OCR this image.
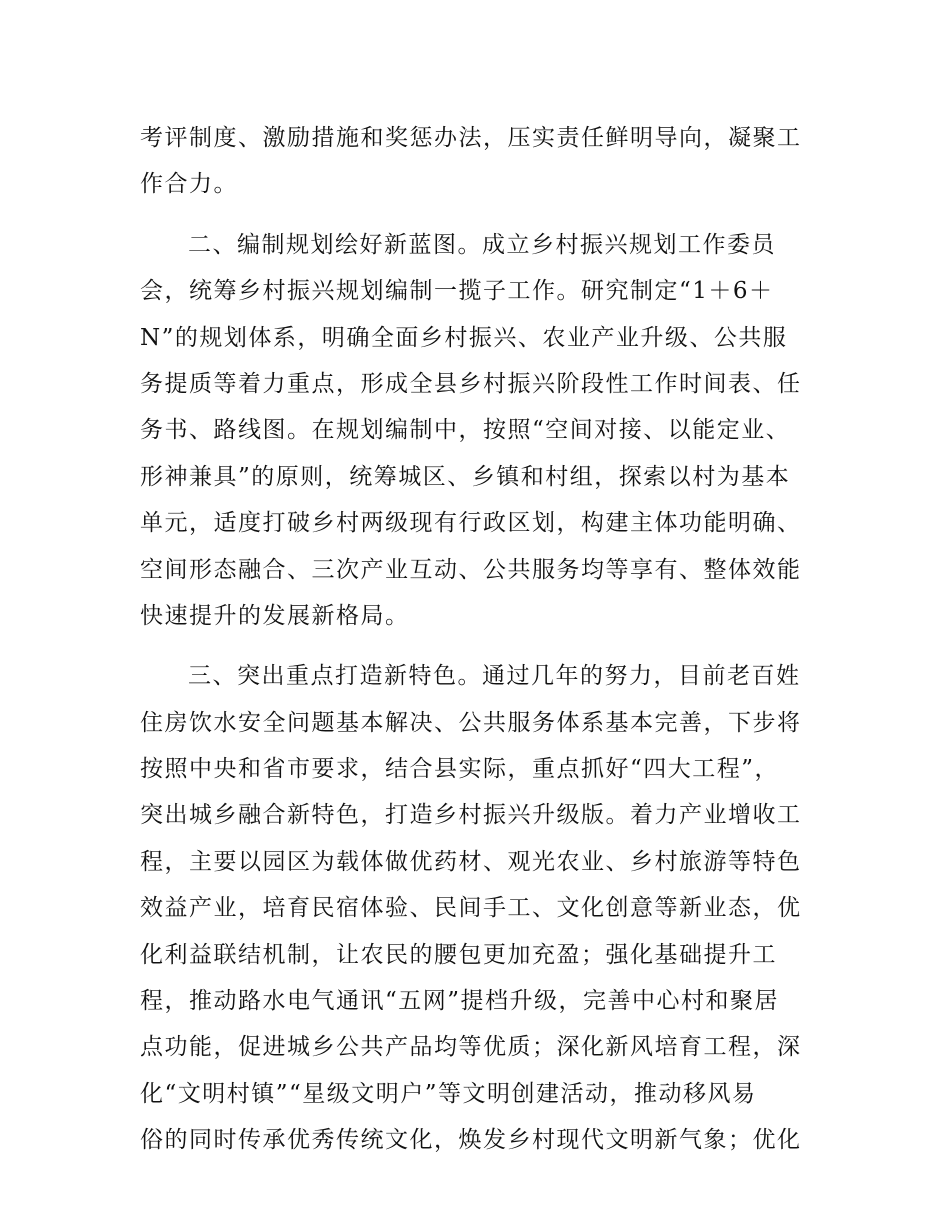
考评制度、激励措施和奖惩办法，压实责任鲜明导向，凝聚工
作合力。
二、编制规划绘好新蓝图。成立乡村振兴规划工作委员
会，统筹乡村振兴规划编制一揽子工作。研究制定“1＋6＋
N”的规划体系，明确全面乡村振兴、农业产业升级、公共服
务提质等着力重点，形成全县乡村振兴阶段性工作时间表、任
务书、路线图。在规划编制中，按照“空间对接、以能定业、
形神兼具”的原则，统筹城区、乡镇和村组，探索以村为基本
单元，适度打破乡村两级现有行政区划，构建主体功能明确、
空间形态融合、三次产业互动、公共服务均等享有、整体效能
快速提升的发展新格局。
三、突出重点打造新特色。通过几年的努力，目前老百姓
住房饮水安全问题基本解决、公共服务体系基本完善，下步将
按照中央和省市要求，结合县实际，重点抓好“四大工程”，
突出城乡融合新特色，打造乡村振兴升级版。着力产业增收工
程，主要以园区为载体做优药材、观光农业、乡村旅游等特色
效益产业，培育民宿体验、民间手工、文化创意等新业态，优
化利益联结机制，让农民的腰包更加充盈；强化基础提升工
程，推动路水电气通讯“五网”提档升级，完善中心村和聚居
点功能，促进城乡公共产品均等优质；深化新风培育工程，深
化“文明村镇”“星级文明户”等文明创建活动，推动移风易
俗的同时传承优秀传统文化，焕发乡村现代文明新气象；优化
